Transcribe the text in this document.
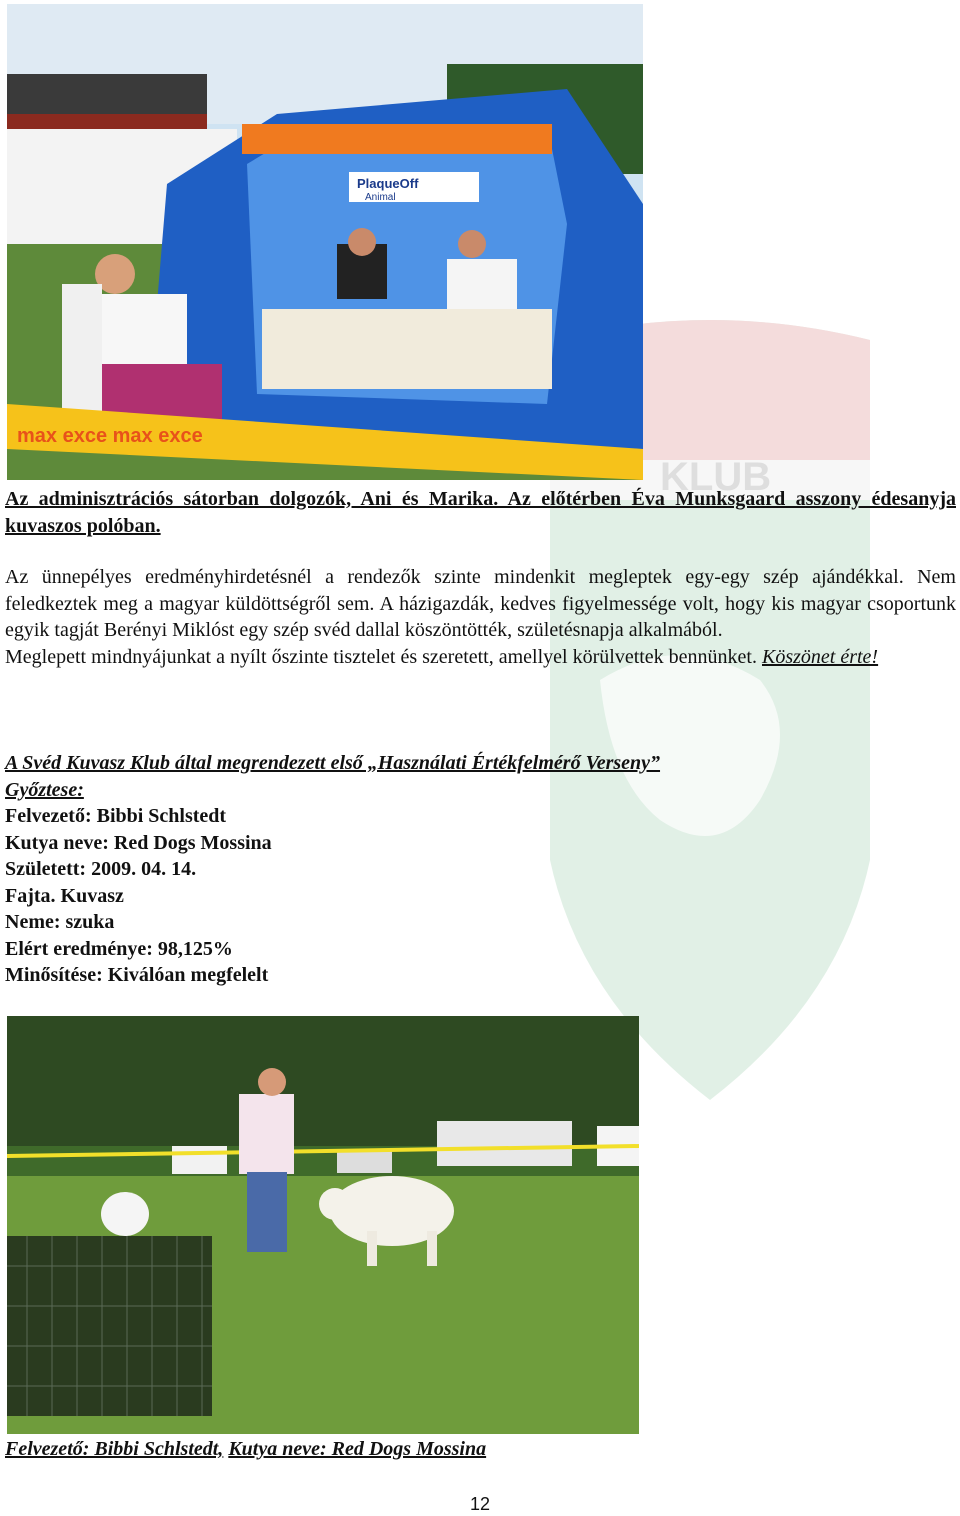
KLUB
PlaqueOff
Animal
max exce max exce
Az adminisztrációs sátorban dolgozók, Ani és Marika. Az előtérben Éva Munksgaard asszony édesanyja kuvaszos polóban.

Az ünnepélyes eredményhirdetésnél a rendezők szinte mindenkit megleptek egy-egy szép ajándékkal. Nem feledkeztek meg a magyar küldöttségről sem. A házigazdák, kedves figyelmessége volt, hogy kis magyar csoportunk egyik tagját Berényi Miklóst egy szép svéd dallal köszöntötték, születésnapja alkalmából.

Meglepett mindnyájunkat a nyílt őszinte tisztelet és szeretett, amellyel körülvettek bennünket. Köszönet érte!

A Svéd Kuvasz Klub által megrendezett első „Használati Értékfelmérő Verseny”
Győztese:
Felvezető: Bibbi Schlstedt
Kutya neve: Red Dogs Mossina
Született: 2009. 04. 14.
Fajta. Kuvasz
Neme: szuka
Elért eredménye: 98,125%
Minősítése: Kiválóan megfelelt
Felvezető: Bibbi Schlstedt, Kutya neve: Red Dogs Mossina
12
